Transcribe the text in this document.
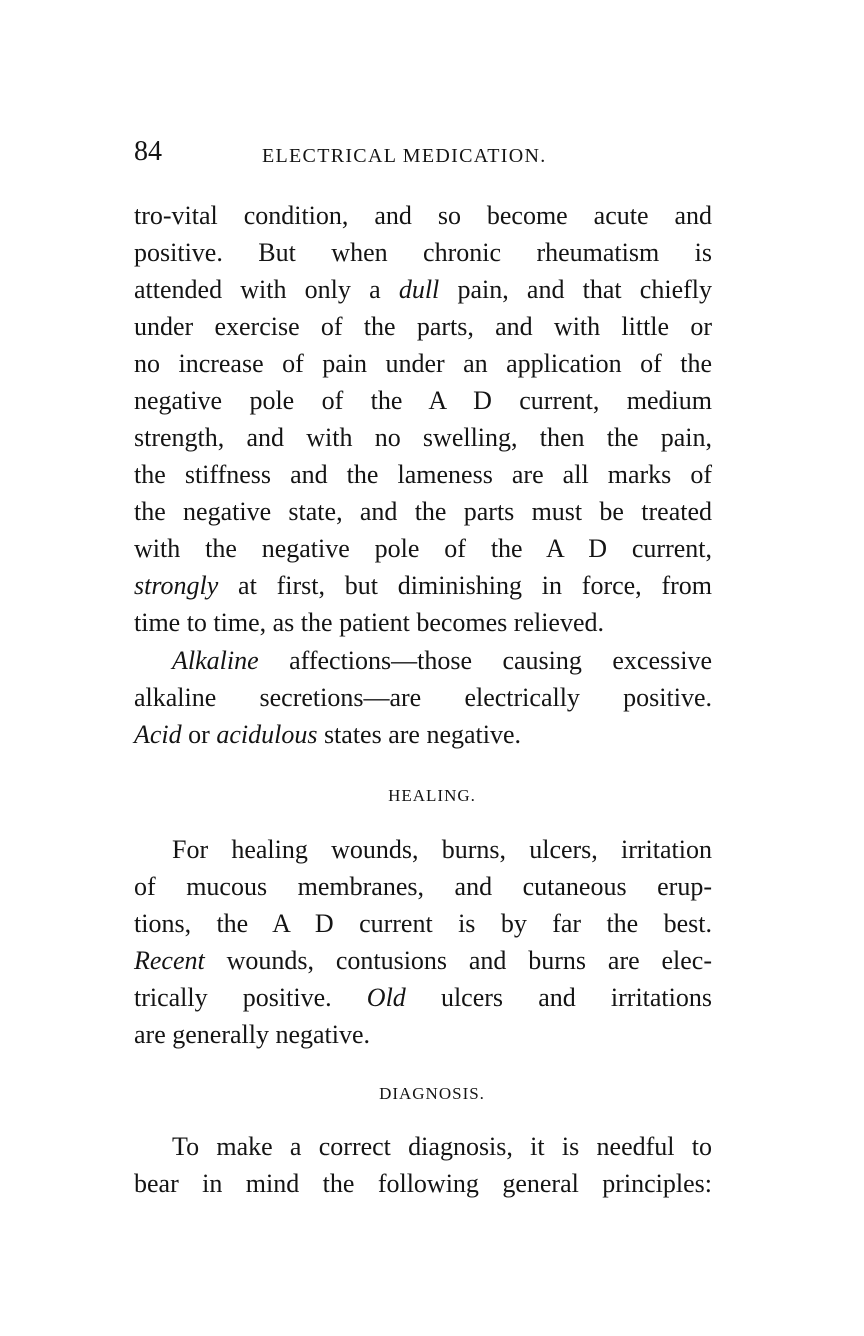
84	ELECTRICAL MEDICATION.
tro-vital condition, and so become acute and
positive. But when chronic rheumatism is
attended with only a dull pain, and that chiefly
under exercise of the parts, and with little or
no increase of pain under an application of the
negative pole of the A D current, medium
strength, and with no swelling, then the pain,
the stiffness and the lameness are all marks of
the negative state, and the parts must be treated
with the negative pole of the A D current,
strongly at first, but diminishing in force, from
time to time, as the patient becomes relieved.
Alkaline affections—those causing excessive
alkaline secretions—are electrically positive.
Acid or acidulous states are negative.
HEALING.
For healing wounds, burns, ulcers, irritation
of mucous membranes, and cutaneous erup-
tions, the A D current is by far the best.
Recent wounds, contusions and burns are elec-
trically positive. Old ulcers and irritations
are generally negative.
DIAGNOSIS.
To make a correct diagnosis, it is needful to
bear in mind the following general principles:
